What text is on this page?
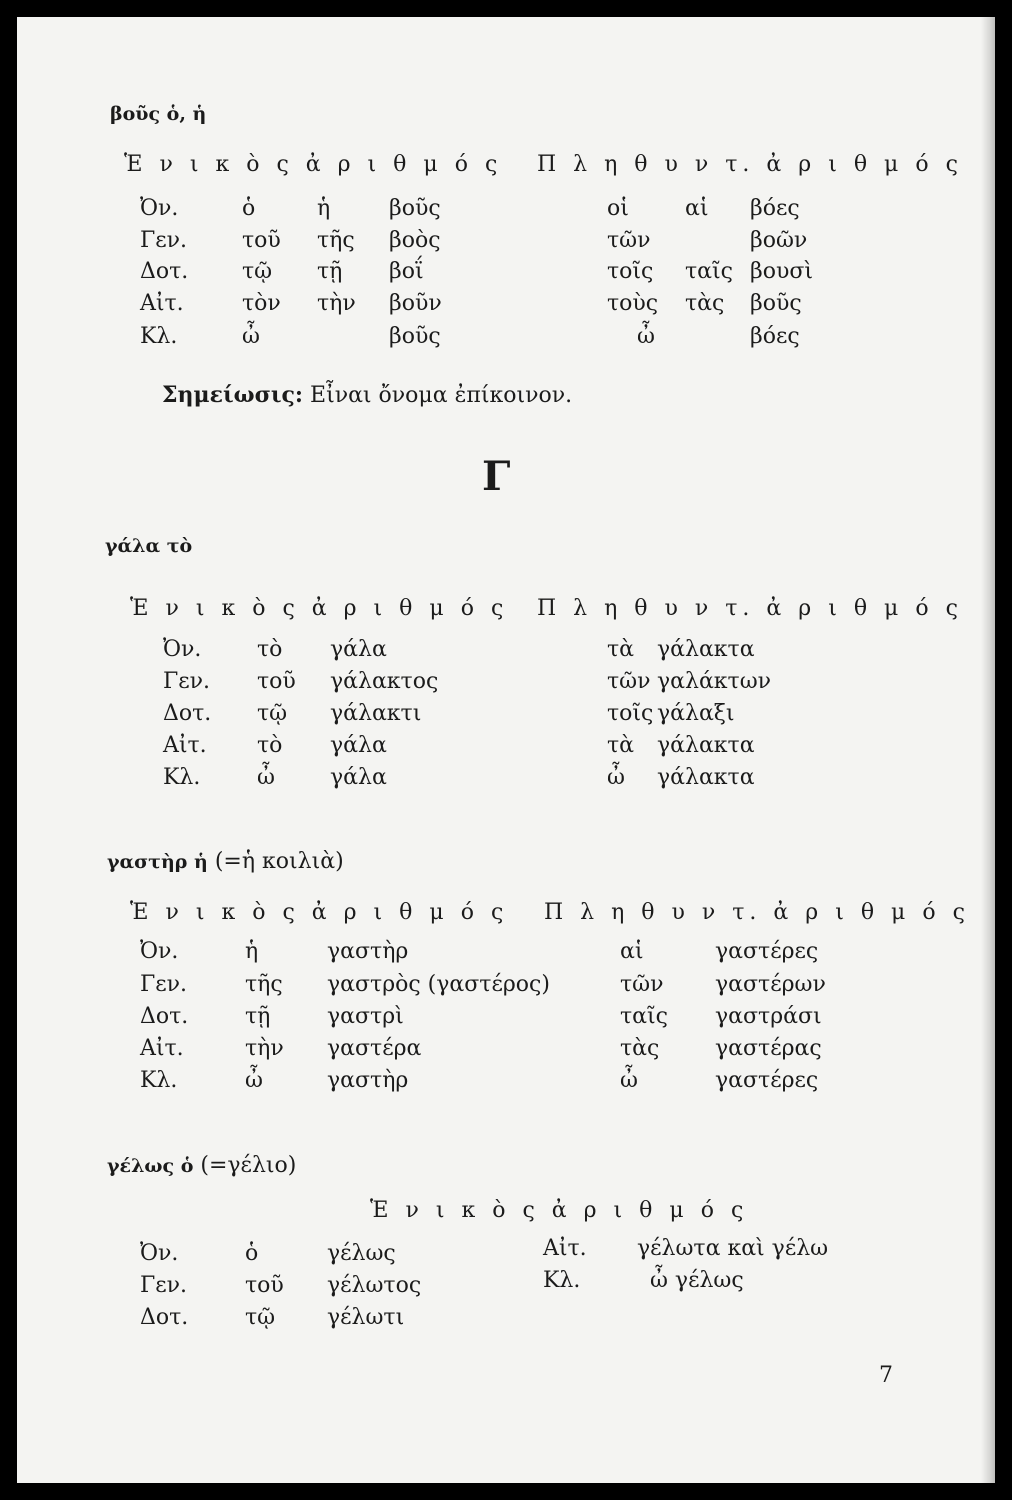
βοῦς ὁ, ἡ
Ἑ ν ι κ ὸ ς ἀ ρ ι θ μ ό ς Π λ η θ υ ν τ. ἀ ρ ι θ μ ό ς
Ὀν.	ὁ	ἡ	βοῦς	οἱ	αἱ βόες
Γεν. τοῦ τῆς βοὸς	τῶν	βοῶν
Δοτ. τῷ τῇ βοΐ	τοῖς ταῖς βουσὶ
Αἰτ.	τὸν τὴν βοῦν	τοὺς τὰς βοῦς
Κλ.	ὦ	βοῦς	ὦ	βόες
Σημείωσις: Εἶναι ὄνομα ἐπίκοινον.
Γ
γάλα τὸ
Ἑ ν ι κ ὸ ς ἀ ρ ι θ μ ό ς Π λ η θ υ ν τ. ἀ ρ ι θ μ ό ς
Ὀν.	τὸ γάλα	τὰ γάλακτα
Γεν. τοῦ γάλακτος	τῶν γαλάκτων
Δοτ. τῷ γάλακτι	τοῖς γάλαξι
Αἰτ. τὸ γάλα	τὰ γάλακτα
Κλ.	ὦ	γάλα	ὦ γάλακτα
γαστὴρ ἡ (=ἡ κοιλιὰ)
Ἑ ν ι κ ὸ ς ἀ ρ ι θ μ ό ς Π λ η θ υ ν τ. ἀ ρ ι θ μ ό ς
Ὀν.	ἡ	γαστὴρ	αἱ	γαστέρες
Γεν.	τῆς γαστρὸς (γαστέρος)	τῶν γαστέρων
Δοτ.	τῇ	γαστρὶ	ταῖς γαστράσι
Αἰτ.	τὴν γαστέρα	τὰς	γαστέρας
Κλ.	ὦ	γαστὴρ	ὦ	γαστέρες
γέλως ὁ (=γέλιο)
Ἑ ν ι κ ὸ ς ἀ ρ ι θ μ ό ς
Ὀν.	ὁ	γέλως
Γεν.	τοῦ γέλωτος
Δοτ.	τῷ γέλωτι
Αἰτ. γέλωτα καὶ γέλω
Κλ.	ὦ γέλως
7
